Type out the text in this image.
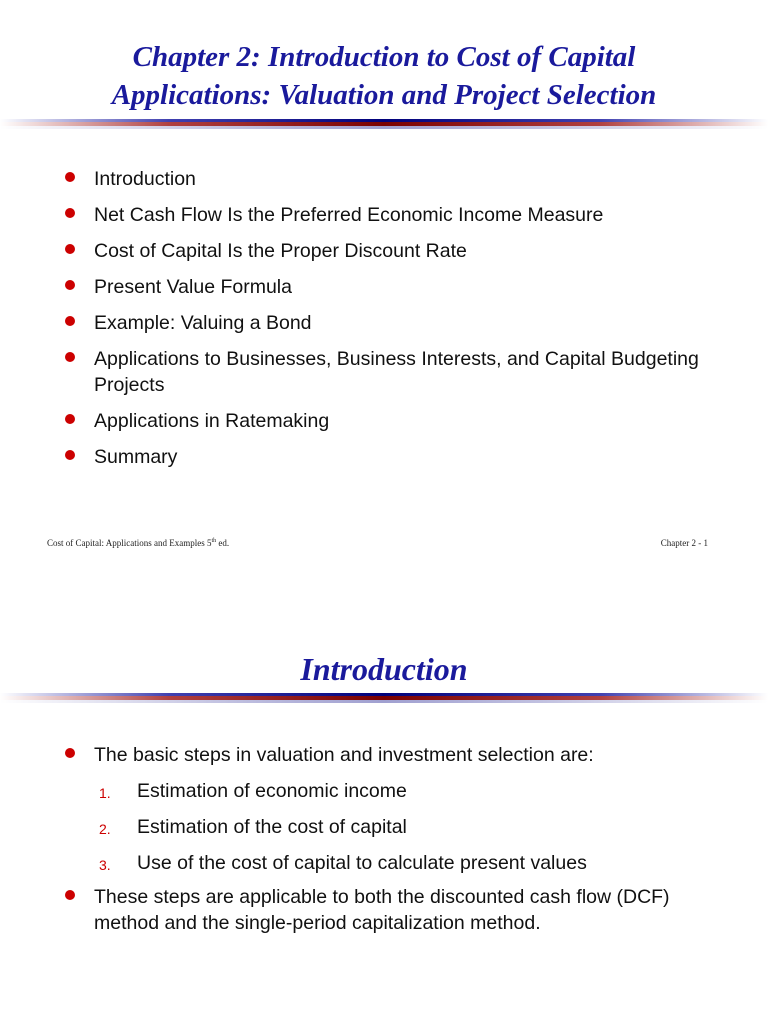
Chapter 2: Introduction to Cost of Capital
Applications: Valuation and Project Selection
Introduction
Net Cash Flow Is the Preferred Economic Income Measure
Cost of Capital Is the Proper Discount Rate
Present Value Formula
Example: Valuing a Bond
Applications to Businesses, Business Interests, and Capital Budgeting Projects
Applications in Ratemaking
Summary
Cost of Capital: Applications and Examples 5th ed.	Chapter 2 - 1
Introduction
The basic steps in valuation and investment selection are:
1. Estimation of economic income
2. Estimation of the cost of capital
3. Use of the cost of capital to calculate present values
These steps are applicable to both the discounted cash flow (DCF) method and the single-period capitalization method.
